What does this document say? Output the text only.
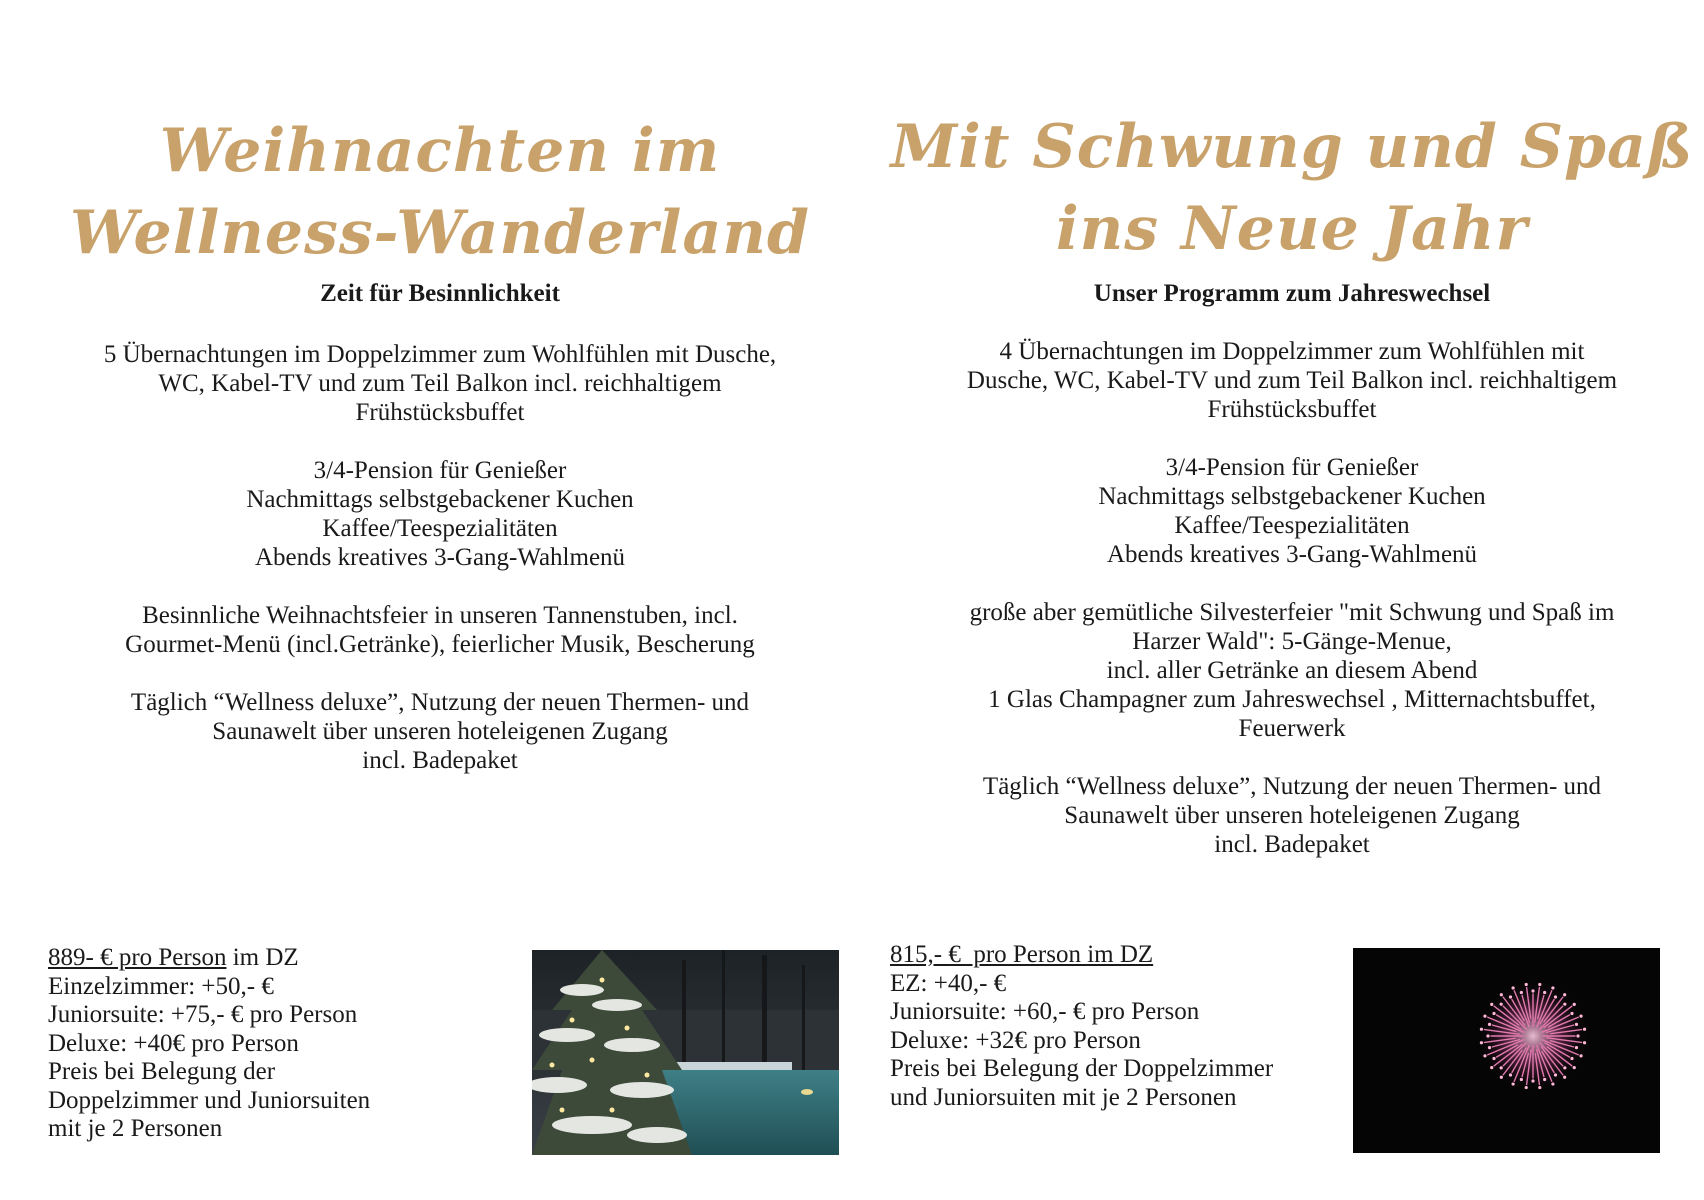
Weihnachten im
Wellness-Wanderland
Zeit für Besinnlichkeit
5 Übernachtungen im Doppelzimmer zum Wohlfühlen mit Dusche,
WC, Kabel-TV und zum Teil Balkon incl. reichhaltigem
Frühstücksbuffet
3/4-Pension für Genießer
Nachmittags selbstgebackener Kuchen
Kaffee/Teespezialitäten
Abends kreatives 3-Gang-Wahlmenü
Besinnliche Weihnachtsfeier in unseren Tannenstuben, incl.
Gourmet-Menü (incl.Getränke), feierlicher Musik, Bescherung
Täglich “Wellness deluxe”, Nutzung der neuen Thermen- und
Saunawelt über unseren hoteleigenen Zugang
incl. Badepaket
889- € pro Person im DZ
Einzelzimmer: +50,- €
Juniorsuite: +75,- € pro Person
Deluxe: +40€ pro Person
Preis bei Belegung der
Doppelzimmer und Juniorsuiten
mit je 2 Personen
Mit Schwung und Spaß
ins Neue Jahr
Unser Programm zum Jahreswechsel
4 Übernachtungen im Doppelzimmer zum Wohlfühlen mit
Dusche, WC, Kabel-TV und zum Teil Balkon incl. reichhaltigem
Frühstücksbuffet
3/4-Pension für Genießer
Nachmittags selbstgebackener Kuchen
Kaffee/Teespezialitäten
Abends kreatives 3-Gang-Wahlmenü
große aber gemütliche Silvesterfeier "mit Schwung und Spaß im
Harzer Wald": 5-Gänge-Menue,
incl. aller Getränke an diesem Abend
1 Glas Champagner zum Jahreswechsel , Mitternachtsbuffet,
Feuerwerk
Täglich “Wellness deluxe”, Nutzung der neuen Thermen- und
Saunawelt über unseren hoteleigenen Zugang
incl. Badepaket
815,- €  pro Person im DZ
EZ: +40,- €
Juniorsuite: +60,- € pro Person
Deluxe: +32€ pro Person
Preis bei Belegung der Doppelzimmer
und Juniorsuiten mit je 2 Personen
